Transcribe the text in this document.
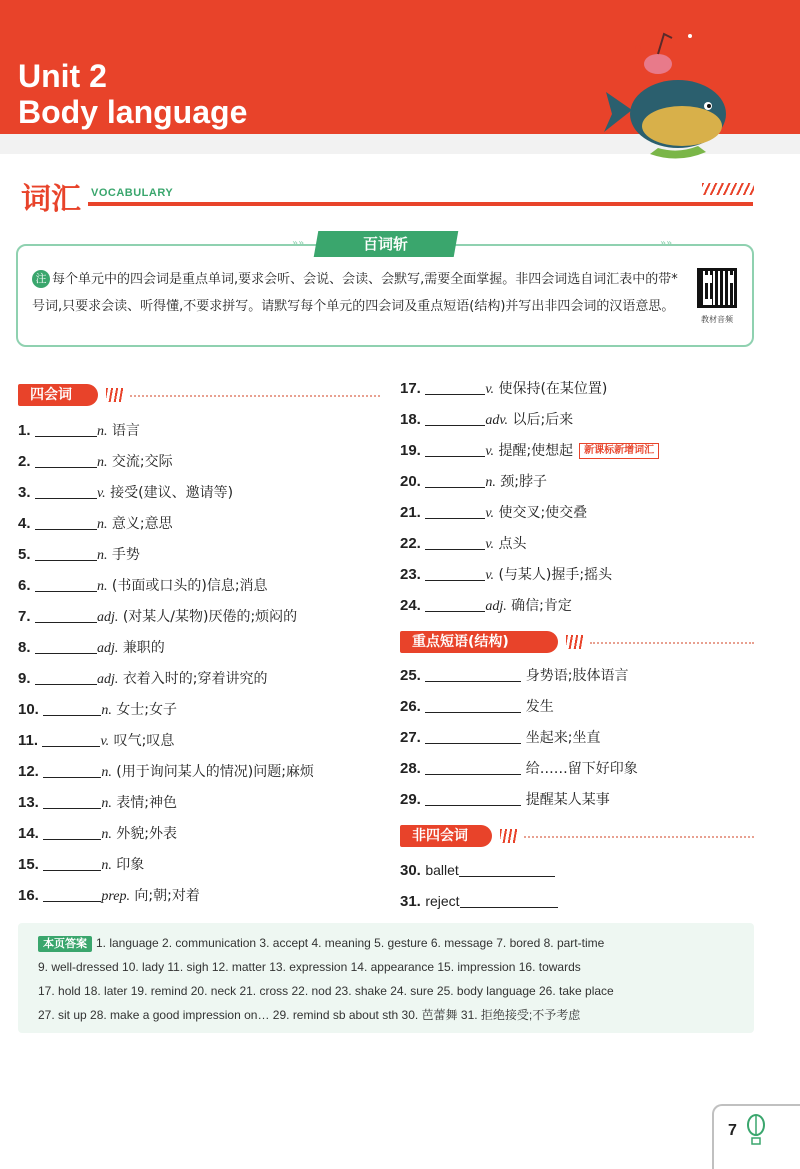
Unit 2
Body language
词汇 VOCABULARY
»»	»»
百词斩
注 每个单元中的四会词是重点单词,要求会听、会说、会读、会默写,需要全面掌握。非四会词选自词汇表中的带*号词,只要求会读、听得懂,不要求拼写。请默写每个单元的四会词及重点短语(结构)并写出非四会词的汉语意思。
教材音频
四会词
1.	n. 语言
2.	n. 交流;交际
3.	v. 接受(建议、邀请等)
4.	n. 意义;意思
5.	n. 手势
6.	n. (书面或口头的)信息;消息
7.	adj. (对某人/某物)厌倦的;烦闷的
8.	adj. 兼职的
9.	adj. 衣着入时的;穿着讲究的
10.	n. 女士;女子
11.	v. 叹气;叹息
12.	n. (用于询问某人的情况)问题;麻烦
13.	n. 表情;神色
14.	n. 外貌;外表
15.	n. 印象
16.	prep. 向;朝;对着
17.	v. 使保持(在某位置)
18.	adv. 以后;后来
19.	v. 提醒;使想起 新课标新增词汇
20.	n. 颈;脖子
21.	v. 使交叉;使交叠
22.	v. 点头
23.	v. (与某人)握手;摇头
24.	adj. 确信;肯定
重点短语(结构)
25.	身势语;肢体语言
26.	发生
27.	坐起来;坐直
28.	给……留下好印象
29.	提醒某人某事
非四会词
30. ballet
31. reject
本页答案 1. language 2. communication 3. accept 4. meaning 5. gesture 6. message 7. bored 8. part-time
9. well-dressed 10. lady 11. sigh 12. matter 13. expression 14. appearance 15. impression 16. towards
17. hold 18. later 19. remind 20. neck 21. cross 22. nod 23. shake 24. sure 25. body language 26. take place
27. sit up 28. make a good impression on… 29. remind sb about sth 30. 芭蕾舞 31. 拒绝接受;不予考虑
7
